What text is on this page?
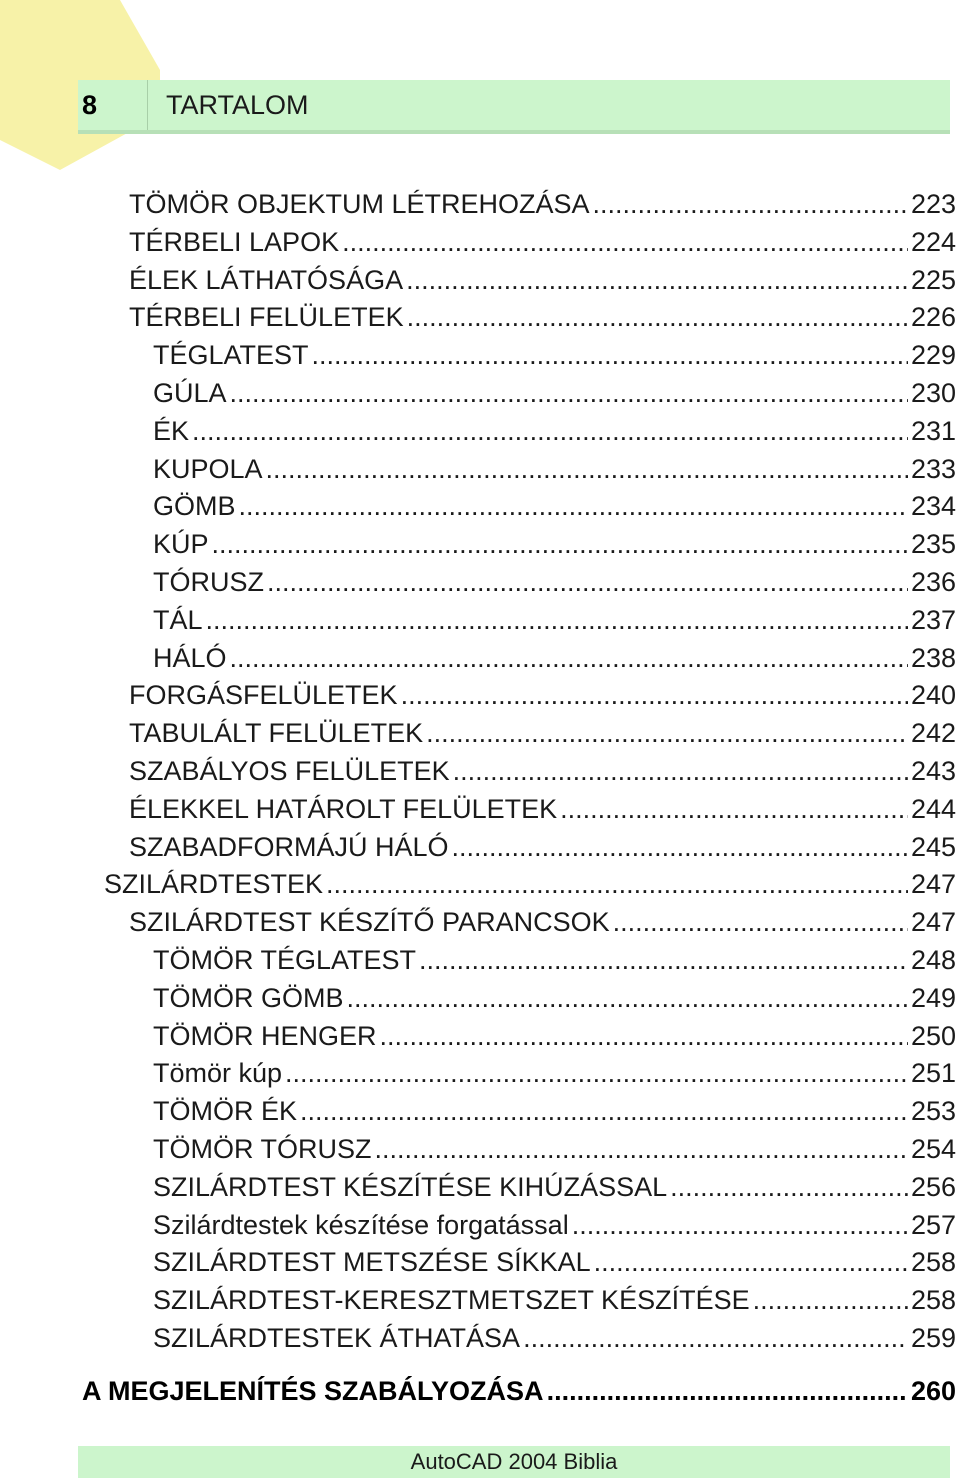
8	TARTALOM
TÖMÖR OBJEKTUM LÉTREHOZÁSA .....	223
TÉRBELI LAPOK .....	224
ÉLEK LÁTHATÓSÁGA .....	225
TÉRBELI FELÜLETEK .....	226
TÉGLATEST .....	229
GÚLA .....	230
ÉK .....	231
KUPOLA .....	233
GÖMB .....	234
KÚP .....	235
TÓRUSZ .....	236
TÁL .....	237
HÁLÓ .....	238
FORGÁSFELÜLETEK .....	240
TABULÁLT FELÜLETEK .....	242
SZABÁLYOS FELÜLETEK .....	243
ÉLEKKEL HATÁROLT FELÜLETEK .....	244
SZABADFORMÁJÚ HÁLÓ .....	245
SZILÁRDTESTEK .....	247
SZILÁRDTEST KÉSZÍTŐ PARANCSOK .....	247
TÖMÖR TÉGLATEST .....	248
TÖMÖR GÖMB .....	249
TÖMÖR HENGER .....	250
Tömör kúp .....	251
TÖMÖR ÉK .....	253
TÖMÖR TÓRUSZ .....	254
SZILÁRDTEST KÉSZÍTÉSE KIHÚZÁSSAL .....	256
Szilárdtestek készítése forgatással .....	257
SZILÁRDTEST METSZÉSE SÍKKAL .....	258
SZILÁRDTEST-KERESZTMETSZET KÉSZÍTÉSE .....	258
SZILÁRDTESTEK ÁTHATÁSA .....	259
A MEGJELENÍTÉS SZABÁLYOZÁSA .....	260
AutoCAD 2004 Biblia
